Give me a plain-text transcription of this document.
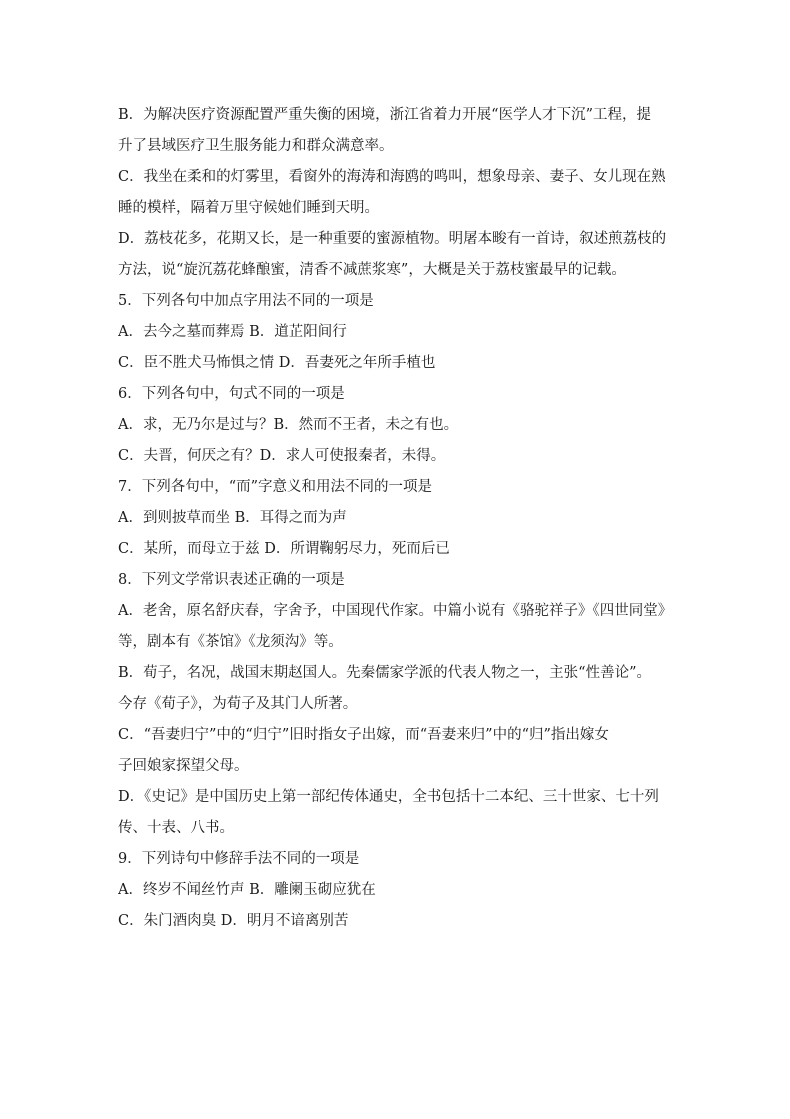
B．为解决医疗资源配置严重失衡的困境，浙江省着力开展“医学人才下沉”工程，提
升了县域医疗卫生服务能力和群众满意率。
C．我坐在柔和的灯雾里，看窗外的海涛和海鸥的鸣叫，想象母亲、妻子、女儿现在熟
睡的模样，隔着万里守候她们睡到天明。
D．荔枝花多，花期又长，是一种重要的蜜源植物。明屠本畯有一首诗，叙述煎荔枝的
方法，说“旋沉荔花蜂酿蜜，清香不减蔗浆寒”，大概是关于荔枝蜜最早的记载。
5．下列各句中加点字用法不同的一项是
A．去今之墓而葬焉 B．道芷阳间行
C．臣不胜犬马怖惧之情 D．吾妻死之年所手植也
6．下列各句中，句式不同的一项是
A．求，无乃尔是过与？B．然而不王者，未之有也。
C．夫晋，何厌之有？D．求人可使报秦者，未得。
7．下列各句中，“而”字意义和用法不同的一项是
A．到则披草而坐 B．耳得之而为声
C．某所，而母立于兹 D．所谓鞠躬尽力，死而后已
8．下列文学常识表述正确的一项是
A．老舍，原名舒庆春，字舍予，中国现代作家。中篇小说有《骆驼祥子》《四世同堂》
等，剧本有《茶馆》《龙须沟》等。
B．荀子，名况，战国末期赵国人。先秦儒家学派的代表人物之一，主张“性善论”。
今存《荀子》，为荀子及其门人所著。
C．“吾妻归宁”中的“归宁”旧时指女子出嫁，而“吾妻来归”中的“归”指出嫁女
子回娘家探望父母。
D．《史记》是中国历史上第一部纪传体通史，全书包括十二本纪、三十世家、七十列
传、十表、八书。
9．下列诗句中修辞手法不同的一项是
A．终岁不闻丝竹声 B．雕阑玉砌应犹在
C．朱门酒肉臭 D．明月不谙离别苦
